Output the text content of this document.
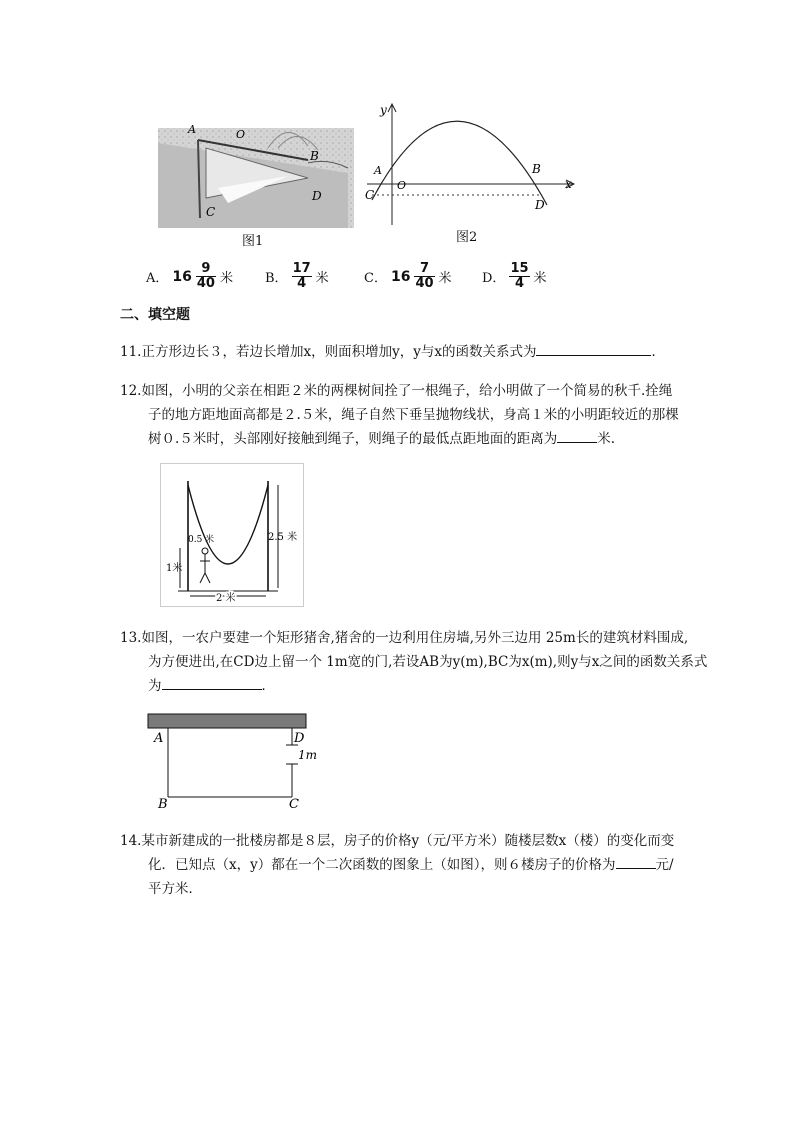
A	O
B
D
C
图1
y
x
A
O
B
C
D
图2
A． $16 \frac{9}{40}$ 米 B． $\frac{17}{4}$ 米	C． $16 \frac{7}{40}$ 米 D． $\frac{15}{4}$ 米
二、填空题
11.正方形边长３，若边长增加x，则面积增加y，y与x的函数关系式为	．
12.如图，小明的父亲在相距２米的两棵树间拴了一根绳子，给小明做了一个简易的秋千.拴绳
子的地方距地面高都是２.５米，绳子自然下垂呈抛物线状，身高１米的小明距较近的那棵
树０.５米时，头部刚好接触到绳子，则绳子的最低点距地面的距离为	米.
0.5 米
1米
2.5 米
2 米
13.如图，一农户要建一个矩形猪舍,猪舍的一边利用住房墙,另外三边用 25m长的建筑材料围成,
为方便进出,在CD边上留一个 1m宽的门,若设AB为y(m),BC为x(m),则y与x之间的函数关系式
为	．
A	D
B	C
1m
14.某市新建成的一批楼房都是８层，房子的价格y（元/平方米）随楼层数x（楼）的变化而变
化．已知点（x，y）都在一个二次函数的图象上（如图），则６楼房子的价格为	元/
平方米．
